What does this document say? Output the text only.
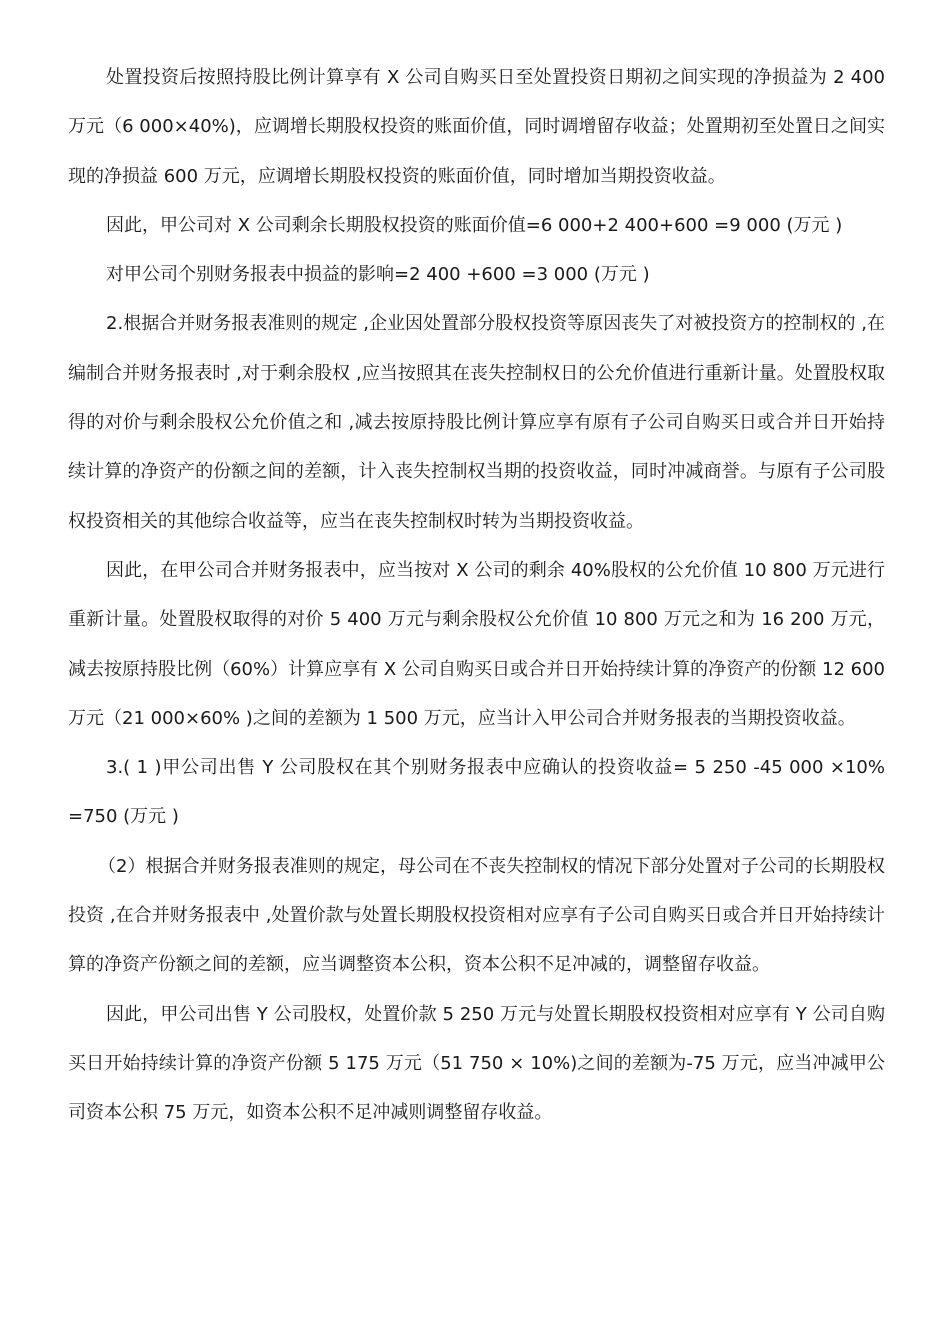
处置投资后按照持股比例计算享有 X 公司自购买日至处置投资日期初之间实现的净损益为 2 400 万元（6 000×40%)，应调增长期股权投资的账面价值，同时调增留存收益；处置期初至处置日之间实现的净损益 600 万元，应调增长期股权投资的账面价值，同时增加当期投资收益。

因此，甲公司对 X 公司剩余长期股权投资的账面价值=6 000+2 400+600 =9 000 (万元 )

对甲公司个别财务报表中损益的影响=2 400 +600 =3 000 (万元 )

2.根据合并财务报表准则的规定 ,企业因处置部分股权投资等原因丧失了对被投资方的控制权的 ,在编制合并财务报表时 ,对于剩余股权 ,应当按照其在丧失控制权日的公允价值进行重新计量。处置股权取得的对价与剩余股权公允价值之和 ,减去按原持股比例计算应享有原有子公司自购买日或合并日开始持续计算的净资产的份额之间的差额，计入丧失控制权当期的投资收益，同时冲减商誉。与原有子公司股权投资相关的其他综合收益等，应当在丧失控制权时转为当期投资收益。

因此，在甲公司合并财务报表中，应当按对 X 公司的剩余 40%股权的公允价值 10 800 万元进行重新计量。处置股权取得的对价 5 400 万元与剩余股权公允价值 10 800 万元之和为 16 200 万元，减去按原持股比例（60%）计算应享有 X 公司自购买日或合并日开始持续计算的净资产的份额 12 600 万元（21 000×60% )之间的差额为 1 500 万元，应当计入甲公司合并财务报表的当期投资收益。

3.( 1 )甲公司出售 Y 公司股权在其个别财务报表中应确认的投资收益= 5 250 -45 000 ×10% =750 (万元 )

（2）根据合并财务报表准则的规定，母公司在不丧失控制权的情况下部分处置对子公司的长期股权投资 ,在合并财务报表中 ,处置价款与处置长期股权投资相对应享有子公司自购买日或合并日开始持续计算的净资产份额之间的差额，应当调整资本公积，资本公积不足冲减的，调整留存收益。

因此，甲公司出售 Y 公司股权，处置价款 5 250 万元与处置长期股权投资相对应享有 Y 公司自购买日开始持续计算的净资产份额 5 175 万元（51 750 × 10%)之间的差额为-75 万元，应当冲减甲公司资本公积 75 万元，如资本公积不足冲减则调整留存收益。
